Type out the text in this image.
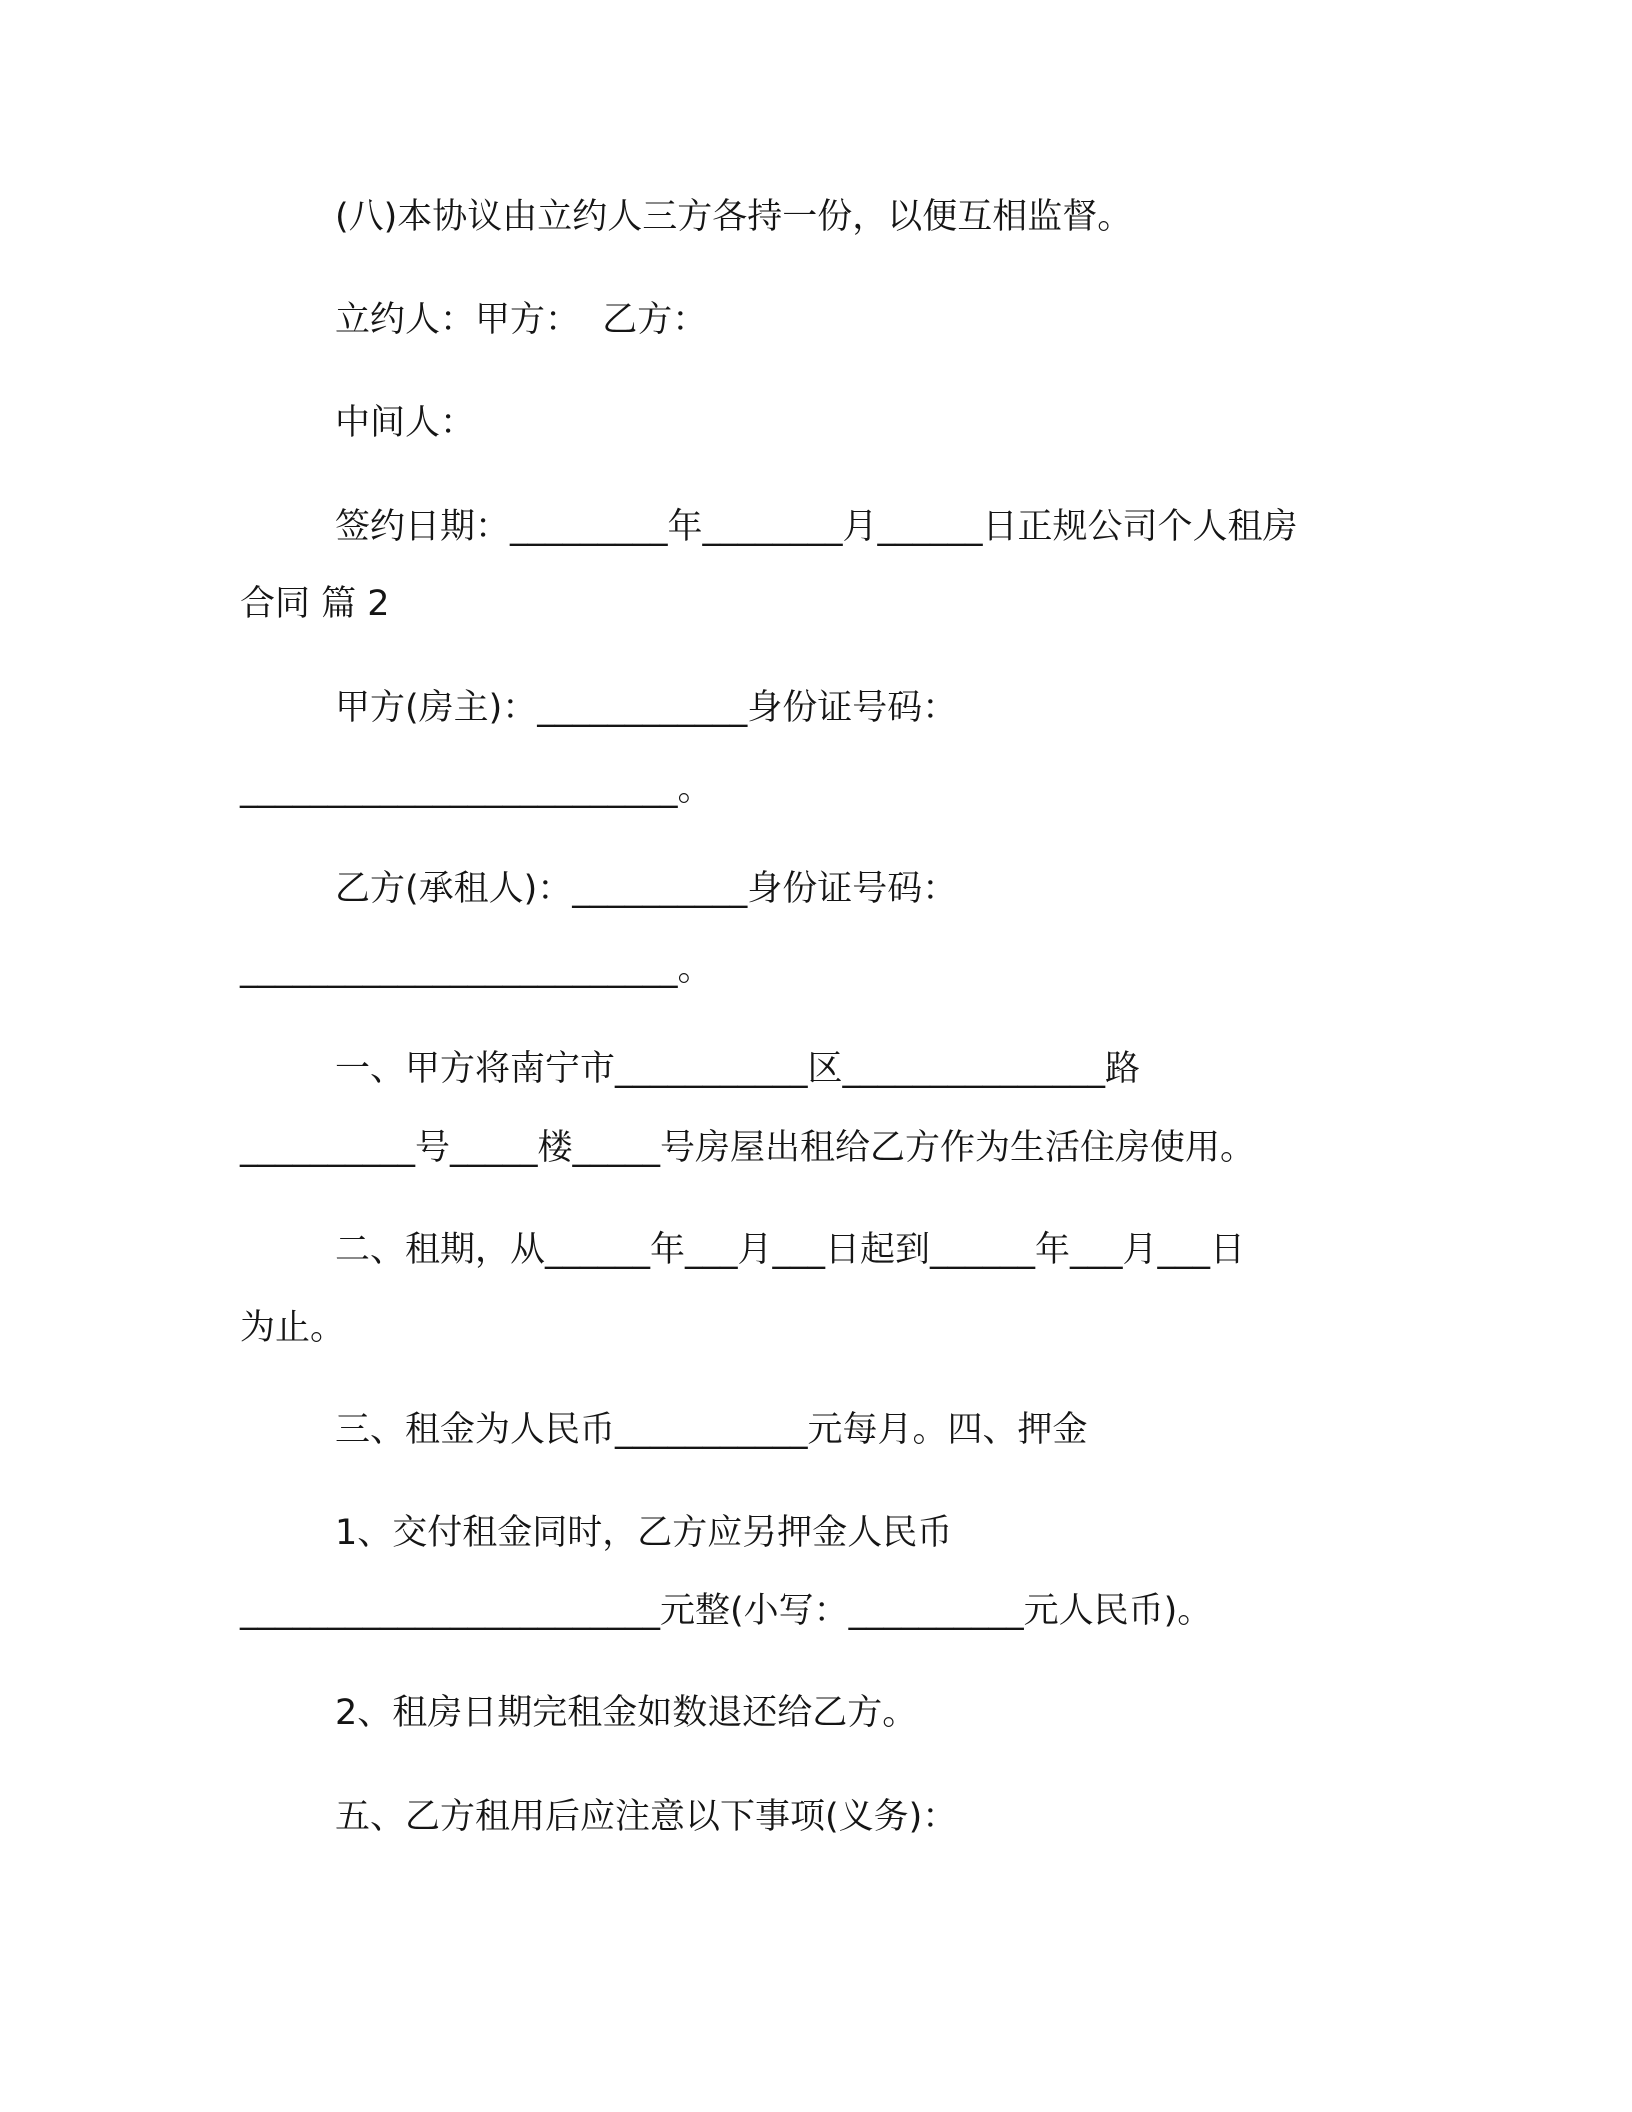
(八)本协议由立约人三方各持一份，以便互相监督。
立约人：甲方：  乙方：
中间人：
签约日期：_________年________月______日正规公司个人租房
合同 篇 2
甲方(房主)：____________身份证号码：
_________________________。
乙方(承租人)：__________身份证号码：
_________________________。
一、甲方将南宁市___________区_______________路
__________号_____楼_____号房屋出租给乙方作为生活住房使用。
二、租期，从______年___月___日起到______年___月___日
为止。
三、租金为人民币___________元每月。四、押金
1、交付租金同时，乙方应另押金人民币
________________________元整(小写：__________元人民币)。
2、租房日期完租金如数退还给乙方。
五、乙方租用后应注意以下事项(义务)：
